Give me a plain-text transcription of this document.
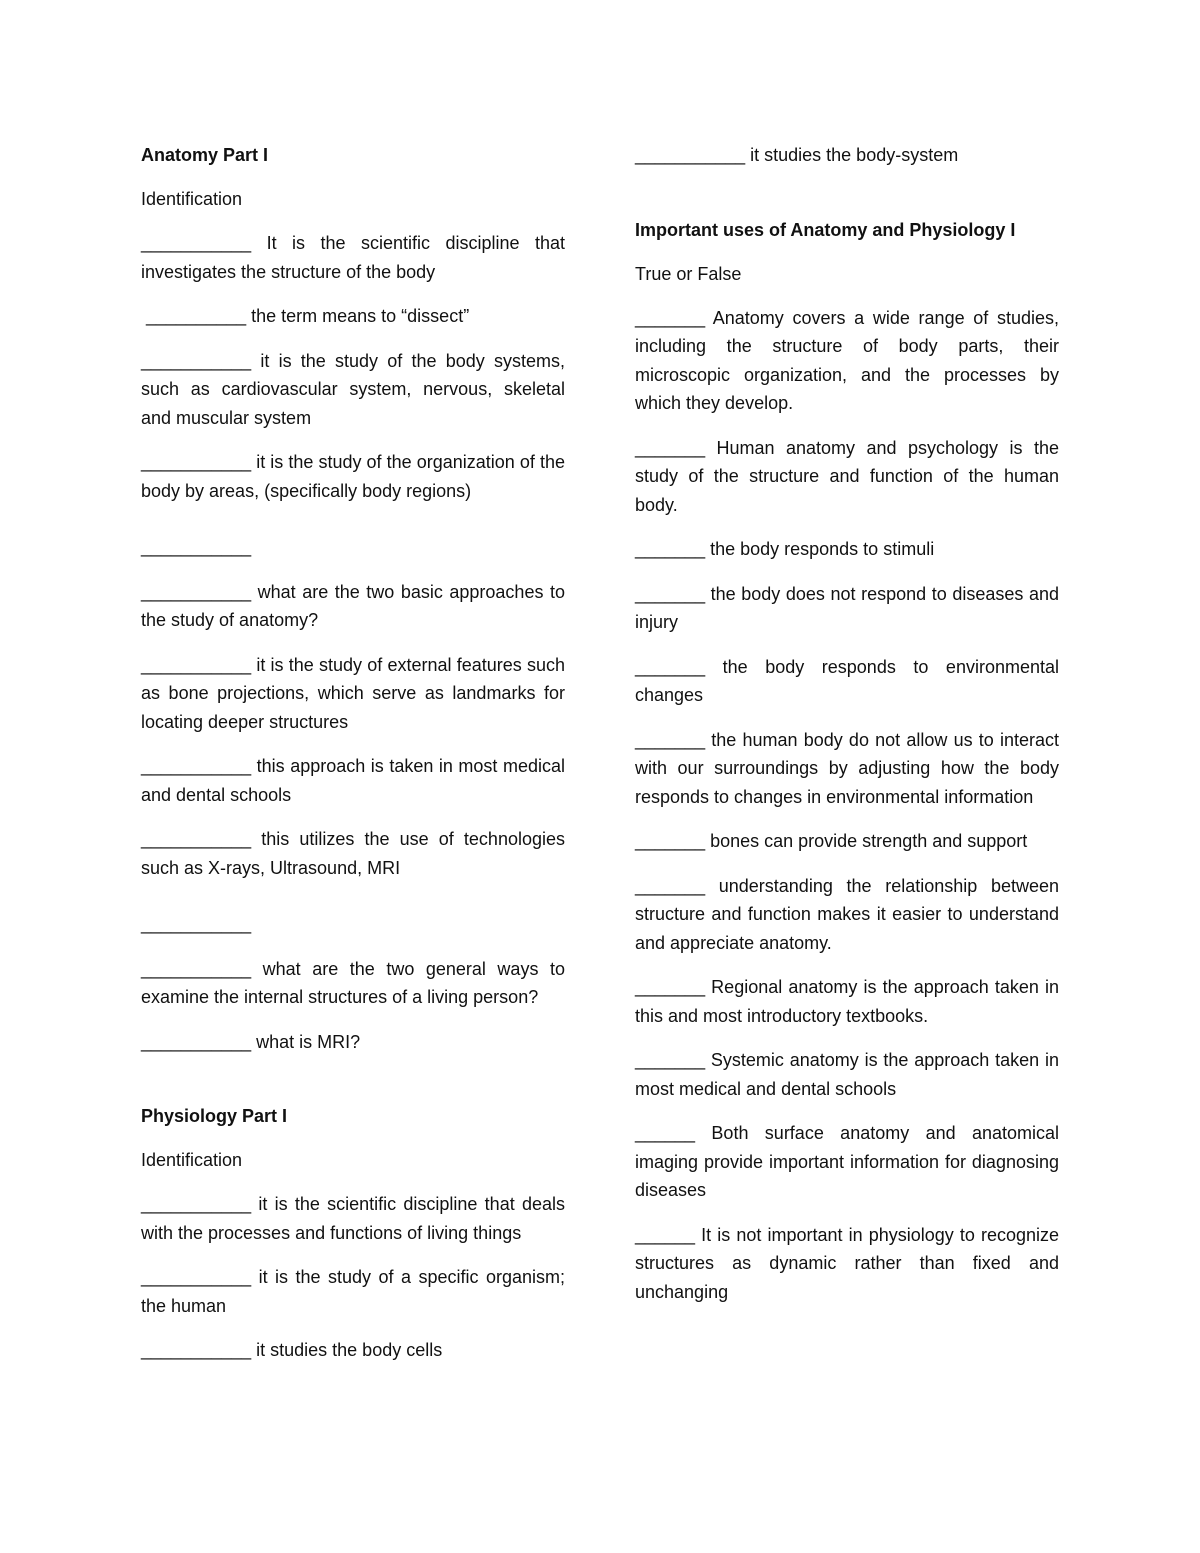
Anatomy Part I
Identification
___________ It is the scientific discipline that investigates the structure of the body
__________ the term means to “dissect”
___________ it is the study of the body systems, such as cardiovascular system, nervous, skeletal and muscular system
___________ it is the study of the organization of the body by areas, (specifically body regions)
___________
___________ what are the two basic approaches to the study of anatomy?
___________ it is the study of external features such as bone projections, which serve as landmarks for locating deeper structures
___________ this approach is taken in most medical and dental schools
___________ this utilizes the use of technologies such as X-rays, Ultrasound, MRI
___________
___________ what are the two general ways to examine the internal structures of a living person?
___________ what is MRI?
Physiology Part I
Identification
___________ it is the scientific discipline that deals with the processes and functions of living things
___________ it is the study of a specific organism; the human
___________ it studies the body cells
___________ it studies the body-system
Important uses of Anatomy and Physiology I
True or False
_______ Anatomy covers a wide range of studies, including the structure of body parts, their microscopic organization, and the processes by which they develop.
_______ Human anatomy and psychology is the study of the structure and function of the human body.
_______ the body responds to stimuli
_______ the body does not respond to diseases and injury
_______ the body responds to environmental changes
_______ the human body do not allow us to interact with our surroundings by adjusting how the body responds to changes in environmental information
_______ bones can provide strength and support
_______ understanding the relationship between structure and function makes it easier to understand and appreciate anatomy.
_______ Regional anatomy is the approach taken in this and most introductory textbooks.
_______ Systemic anatomy is the approach taken in most medical and dental schools
______ Both surface anatomy and anatomical imaging provide important information for diagnosing diseases
______ It is not important in physiology to recognize structures as dynamic rather than fixed and unchanging
